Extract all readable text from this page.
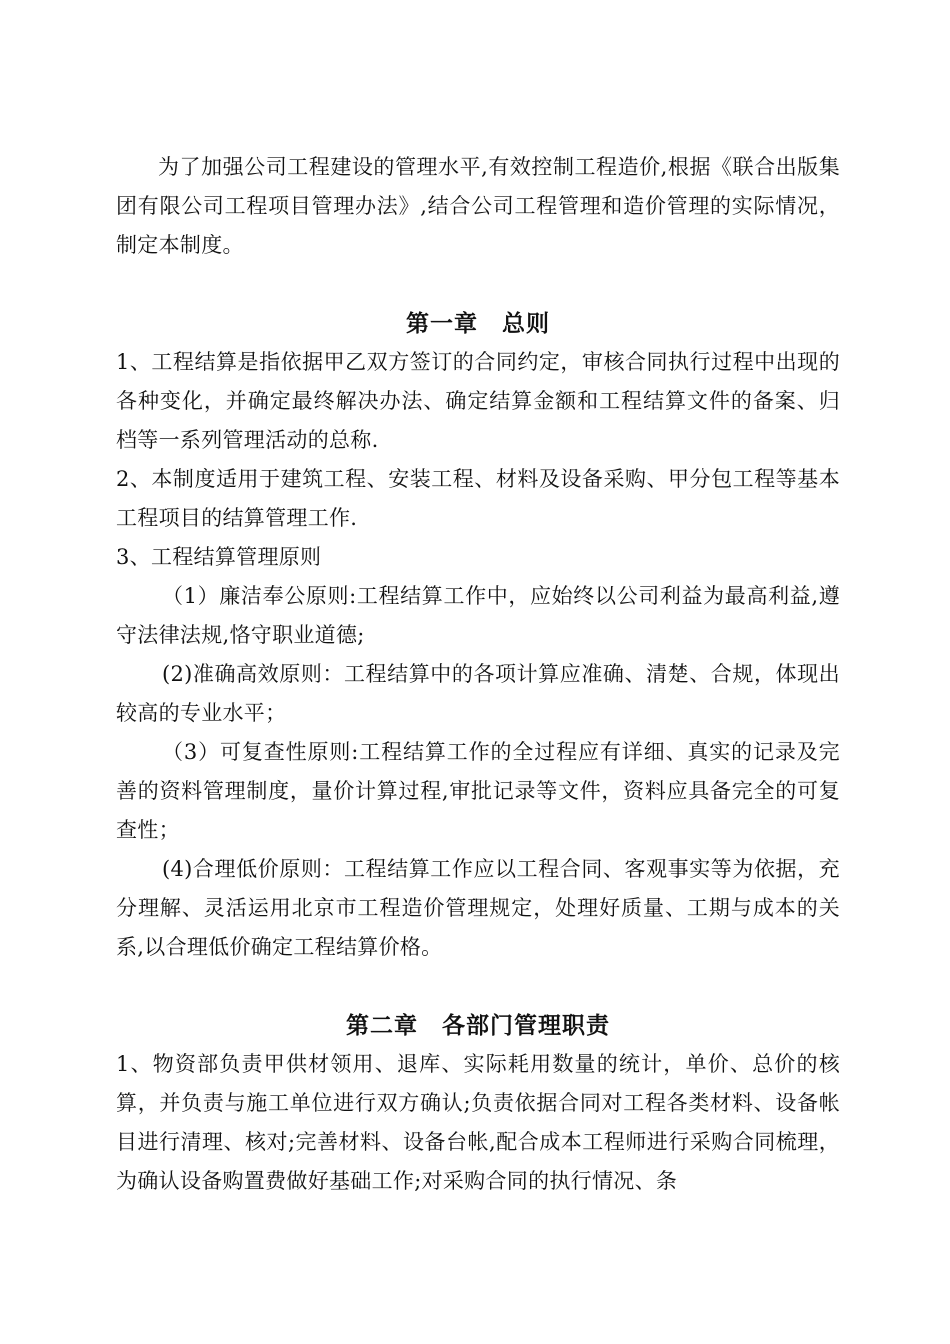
为了加强公司工程建设的管理水平,有效控制工程造价,根据《联合出版集团有限公司工程项目管理办法》,结合公司工程管理和造价管理的实际情况，制定本制度。

第一章　总则

1、工程结算是指依据甲乙双方签订的合同约定，审核合同执行过程中出现的各种变化，并确定最终解决办法、确定结算金额和工程结算文件的备案、归档等一系列管理活动的总称.

2、本制度适用于建筑工程、安装工程、材料及设备采购、甲分包工程等基本工程项目的结算管理工作.

3、工程结算管理原则

（1）廉洁奉公原则:工程结算工作中，应始终以公司利益为最高利益,遵守法律法规,恪守职业道德;

(2)准确高效原则：工程结算中的各项计算应准确、清楚、合规，体现出较高的专业水平；

（3）可复查性原则:工程结算工作的全过程应有详细、真实的记录及完善的资料管理制度，量价计算过程,审批记录等文件，资料应具备完全的可复查性；

(4)合理低价原则：工程结算工作应以工程合同、客观事实等为依据，充分理解、灵活运用北京市工程造价管理规定，处理好质量、工期与成本的关系,以合理低价确定工程结算价格。

第二章　各部门管理职责

1、物资部负责甲供材领用、退库、实际耗用数量的统计，单价、总价的核算，并负责与施工单位进行双方确认;负责依据合同对工程各类材料、设备帐目进行清理、核对;完善材料、设备台帐,配合成本工程师进行采购合同梳理，为确认设备购置费做好基础工作;对采购合同的执行情况、条
